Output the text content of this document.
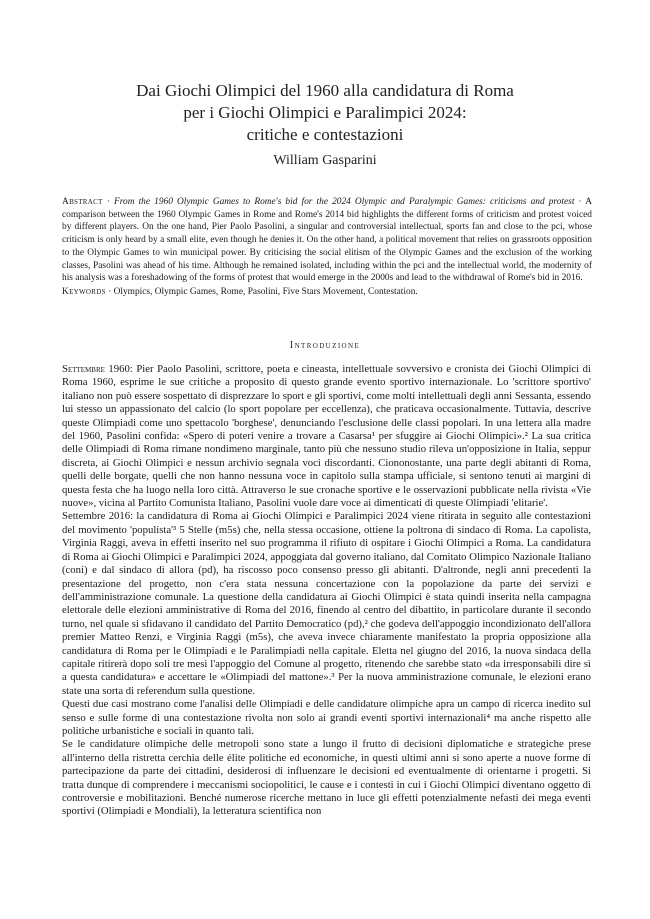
Dai Giochi Olimpici del 1960 alla candidatura di Roma
per i Giochi Olimpici e Paralimpici 2024:
critiche e contestazioni
William Gasparini
Abstract · From the 1960 Olympic Games to Rome's bid for the 2024 Olympic and Paralympic Games: criticisms and protest · A comparison between the 1960 Olympic Games in Rome and Rome's 2014 bid highlights the different forms of criticism and protest voiced by different players. On the one hand, Pier Paolo Pasolini, a singular and controversial intellectual, sports fan and close to the pci, whose criticism is only heard by a small elite, even though he denies it. On the other hand, a political movement that relies on grassroots opposition to the Olympic Games to win municipal power. By criticising the social elitism of the Olympic Games and the exclusion of the working classes, Pasolini was ahead of his time. Although he remained isolated, including within the pci and the intellectual world, the modernity of his analysis was a foreshadowing of the forms of protest that would emerge in the 2000s and lead to the withdrawal of Rome's bid in 2016.
Keywords · Olympics, Olympic Games, Rome, Pasolini, Five Stars Movement, Contestation.
Introduzione

Settembre 1960: Pier Paolo Pasolini, scrittore, poeta e cineasta, intellettuale sovversivo e cronista dei Giochi Olimpici di Roma 1960, esprime le sue critiche a proposito di questo grande evento sportivo internazionale. Lo 'scrittore sportivo' italiano non può essere sospettato di disprezzare lo sport e gli sportivi, come molti intellettuali degli anni Sessanta, essendo lui stesso un appassionato del calcio (lo sport popolare per eccellenza), che praticava occasionalmente. Tuttavia, descrive queste Olimpiadi come uno spettacolo 'borghese', denunciando l'esclusione delle classi popolari. In una lettera alla madre del 1960, Pasolini confida: «Spero di poteri venire a trovare a Casarsa¹ per sfuggire ai Giochi Olimpici».² La sua critica delle Olimpiadi di Roma rimane nondimeno marginale, tanto più che nessuno studio rileva un'opposizione in Italia, seppur discreta, ai Giochi Olimpici e nessun archivio segnala voci discordanti. Ciononostante, una parte degli abitanti di Roma, quelli delle borgate, quelli che non hanno nessuna voce in capitolo sulla stampa ufficiale, si sentono tenuti ai margini di questa festa che ha luogo nella loro città. Attraverso le sue cronache sportive e le osservazioni pubblicate nella rivista «Vie nuove», vicina al Partito Comunista Italiano, Pasolini vuole dare voce ai dimenticati di queste Olimpiadi 'elitarie'.

Settembre 2016: la candidatura di Roma ai Giochi Olimpici e Paralimpici 2024 viene ritirata in seguito alle contestazioni del movimento 'populista'³ 5 Stelle (m5s) che, nella stessa occasione, ottiene la poltrona di sindaco di Roma. La capolista, Virginia Raggi, aveva in effetti inserito nel suo programma il rifiuto di ospitare i Giochi Olimpici a Roma. La candidatura di Roma ai Giochi Olimpici e Paralimpici 2024, appoggiata dal governo italiano, dal Comitato Olimpico Nazionale Italiano (coni) e dal sindaco di allora (pd), ha riscosso poco consenso presso gli abitanti. D'altronde, negli anni precedenti la presentazione del progetto, non c'era stata nessuna concertazione con la popolazione da parte dei servizi e dell'amministrazione comunale. La questione della candidatura ai Giochi Olimpici è stata quindi inserita nella campagna elettorale delle elezioni amministrative di Roma del 2016, finendo al centro del dibattito, in particolare durante il secondo turno, nel quale si sfidavano il candidato del Partito Democratico (pd),² che godeva dell'appoggio incondizionato dell'allora premier Matteo Renzi, e Virginia Raggi (m5s), che aveva invece chiaramente manifestato la propria opposizione alla candidatura di Roma per le Olimpiadi e le Paralimpiadi nella capitale. Eletta nel giugno del 2016, la nuova sindaca della capitale ritirerà dopo soli tre mesi l'appoggio del Comune al progetto, ritenendo che sarebbe stato «da irresponsabili dire sì a questa candidatura» e accettare le «Olimpiadi del mattone».³ Per la nuova amministrazione comunale, le elezioni erano state una sorta di referendum sulla questione.

Questi due casi mostrano come l'analisi delle Olimpiadi e delle candidature olimpiche apra un campo di ricerca inedito sul senso e sulle forme di una contestazione rivolta non solo ai grandi eventi sportivi internazionali⁴ ma anche rispetto alle politiche urbanistiche e sociali in quanto tali.

Se le candidature olimpiche delle metropoli sono state a lungo il frutto di decisioni diplomatiche e strategiche prese all'interno della ristretta cerchia delle élite politiche ed economiche, in questi ultimi anni si sono aperte a nuove forme di partecipazione da parte dei cittadini, desiderosi di influenzare le decisioni ed eventualmente di orientarne i progetti. Si tratta dunque di comprendere i meccanismi sociopolitici, le cause e i contesti in cui i Giochi Olimpici diventano oggetto di controversie e mobilitazioni. Benché numerose ricerche mettano in luce gli effetti potenzialmente nefasti dei mega eventi sportivi (Olimpiadi e Mondiali), la letteratura scientifica non
